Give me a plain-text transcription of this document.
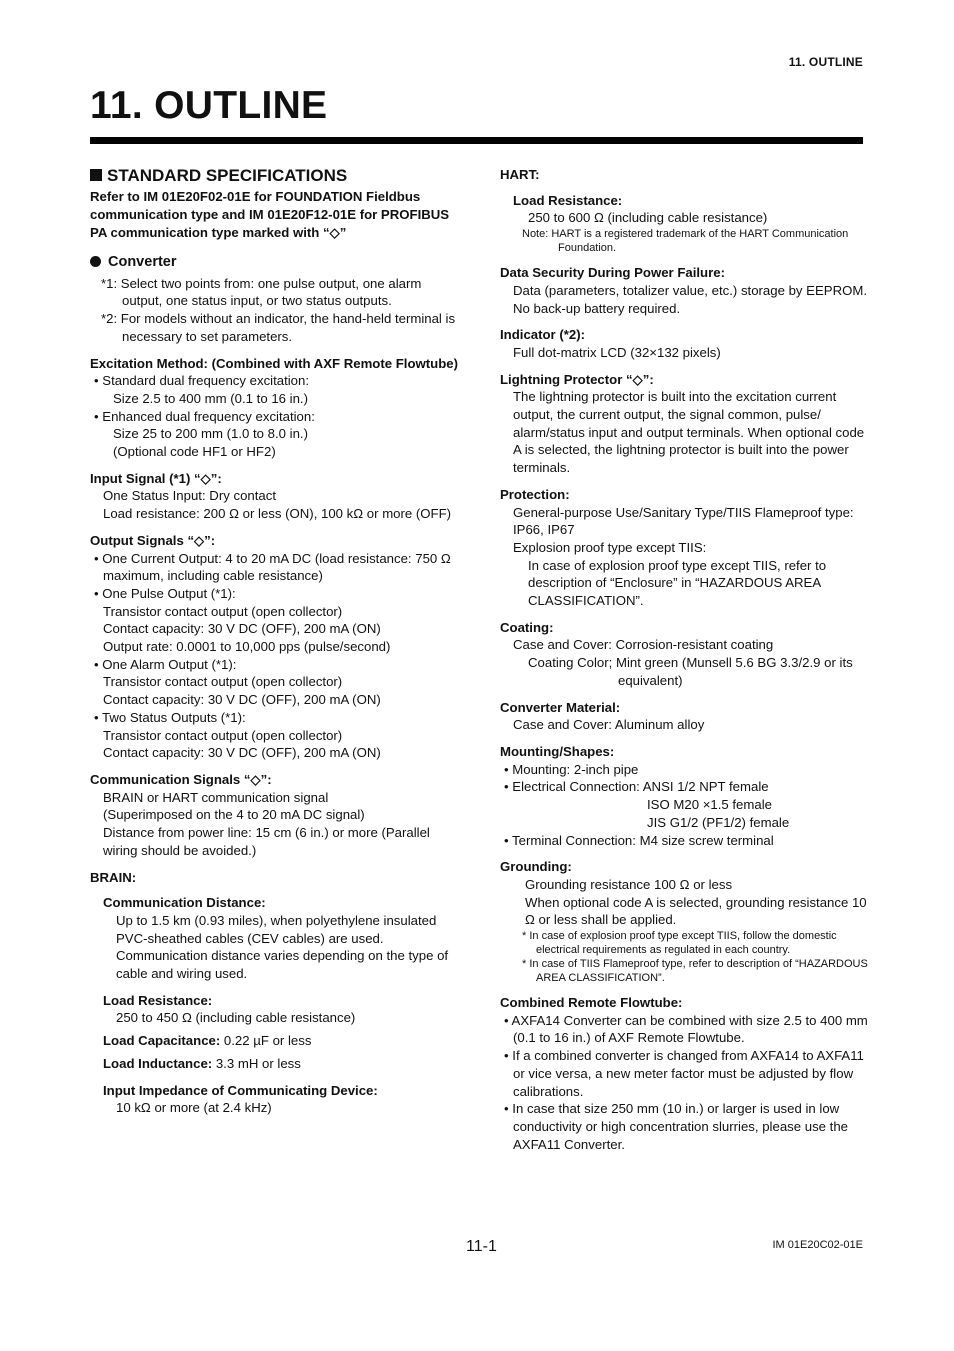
11. OUTLINE
11. OUTLINE
STANDARD SPECIFICATIONS
Refer to IM 01E20F02-01E for FOUNDATION Fieldbus communication type and IM 01E20F12-01E for PROFIBUS PA communication type marked with “◇”
Converter
*1: Select two points from: one pulse output, one alarm output, one status input, or two status outputs.
*2: For models without an indicator, the hand-held terminal is necessary to set parameters.
Excitation Method: (Combined with AXF Remote Flowtube)
• Standard dual frequency excitation:
Size 2.5 to 400 mm (0.1 to 16 in.)
• Enhanced dual frequency excitation:
Size 25 to 200 mm (1.0 to 8.0 in.)
(Optional code HF1 or HF2)
Input Signal (*1) “◇”:
One Status Input: Dry contact
Load resistance: 200 Ω or less (ON), 100 kΩ or more (OFF)
Output Signals “◇”:
• One Current Output: 4 to 20 mA DC (load resistance: 750 Ω maximum, including cable resistance)
• One Pulse Output (*1):
Transistor contact output (open collector)
Contact capacity: 30 V DC (OFF), 200 mA (ON)
Output rate: 0.0001 to 10,000 pps (pulse/second)
• One Alarm Output (*1):
Transistor contact output (open collector)
Contact capacity: 30 V DC (OFF), 200 mA (ON)
• Two Status Outputs (*1):
Transistor contact output (open collector)
Contact capacity: 30 V DC (OFF), 200 mA (ON)
Communication Signals “◇”:
BRAIN or HART communication signal
(Superimposed on the 4 to 20 mA DC signal)
Distance from power line: 15 cm (6 in.) or more (Parallel wiring should be avoided.)
BRAIN:
Communication Distance:
Up to 1.5 km (0.93 miles), when polyethylene insulated PVC-sheathed cables (CEV cables) are used. Communication distance varies depending on the type of cable and wiring used.
Load Resistance:
250 to 450 Ω (including cable resistance)
Load Capacitance: 0.22 µF or less
Load Inductance: 3.3 mH or less
Input Impedance of Communicating Device:
10 kΩ or more (at 2.4 kHz)
HART:
Load Resistance:
250 to 600 Ω (including cable resistance)
Note: HART is a registered trademark of the HART Communication Foundation.
Data Security During Power Failure:
Data (parameters, totalizer value, etc.) storage by EEPROM. No back-up battery required.
Indicator (*2):
Full dot-matrix LCD (32×132 pixels)
Lightning Protector “◇”:
The lightning protector is built into the excitation current output, the current output, the signal common, pulse/ alarm/status input and output terminals. When optional code A is selected, the lightning protector is built into the power terminals.
Protection:
General-purpose Use/Sanitary Type/TIIS Flameproof type: IP66, IP67
Explosion proof type except TIIS:
In case of explosion proof type except TIIS, refer to description of “Enclosure” in “HAZARDOUS AREA CLASSIFICATION”.
Coating:
Case and Cover: Corrosion-resistant coating
Coating Color; Mint green (Munsell 5.6 BG 3.3/2.9 or its
equivalent)
Converter Material:
Case and Cover: Aluminum alloy
Mounting/Shapes:
• Mounting: 2-inch pipe
• Electrical Connection: ANSI 1/2 NPT female
ISO M20 ×1.5 female
JIS G1/2 (PF1/2) female
• Terminal Connection: M4 size screw terminal
Grounding:
Grounding resistance 100 Ω or less
When optional code A is selected, grounding resistance 10 Ω or less shall be applied.
* In case of explosion proof type except TIIS, follow the domestic electrical requirements as regulated in each country.
* In case of TIIS Flameproof type, refer to description of “HAZARDOUS AREA CLASSIFICATION”.
Combined Remote Flowtube:
• AXFA14 Converter can be combined with size 2.5 to 400 mm (0.1 to 16 in.) of AXF Remote Flowtube.
• If a combined converter is changed from AXFA14 to AXFA11 or vice versa, a new meter factor must be adjusted by flow calibrations.
• In case that size 250 mm (10 in.) or larger is used in low conductivity or high concentration slurries, please use the AXFA11 Converter.
11-1	IM 01E20C02-01E
